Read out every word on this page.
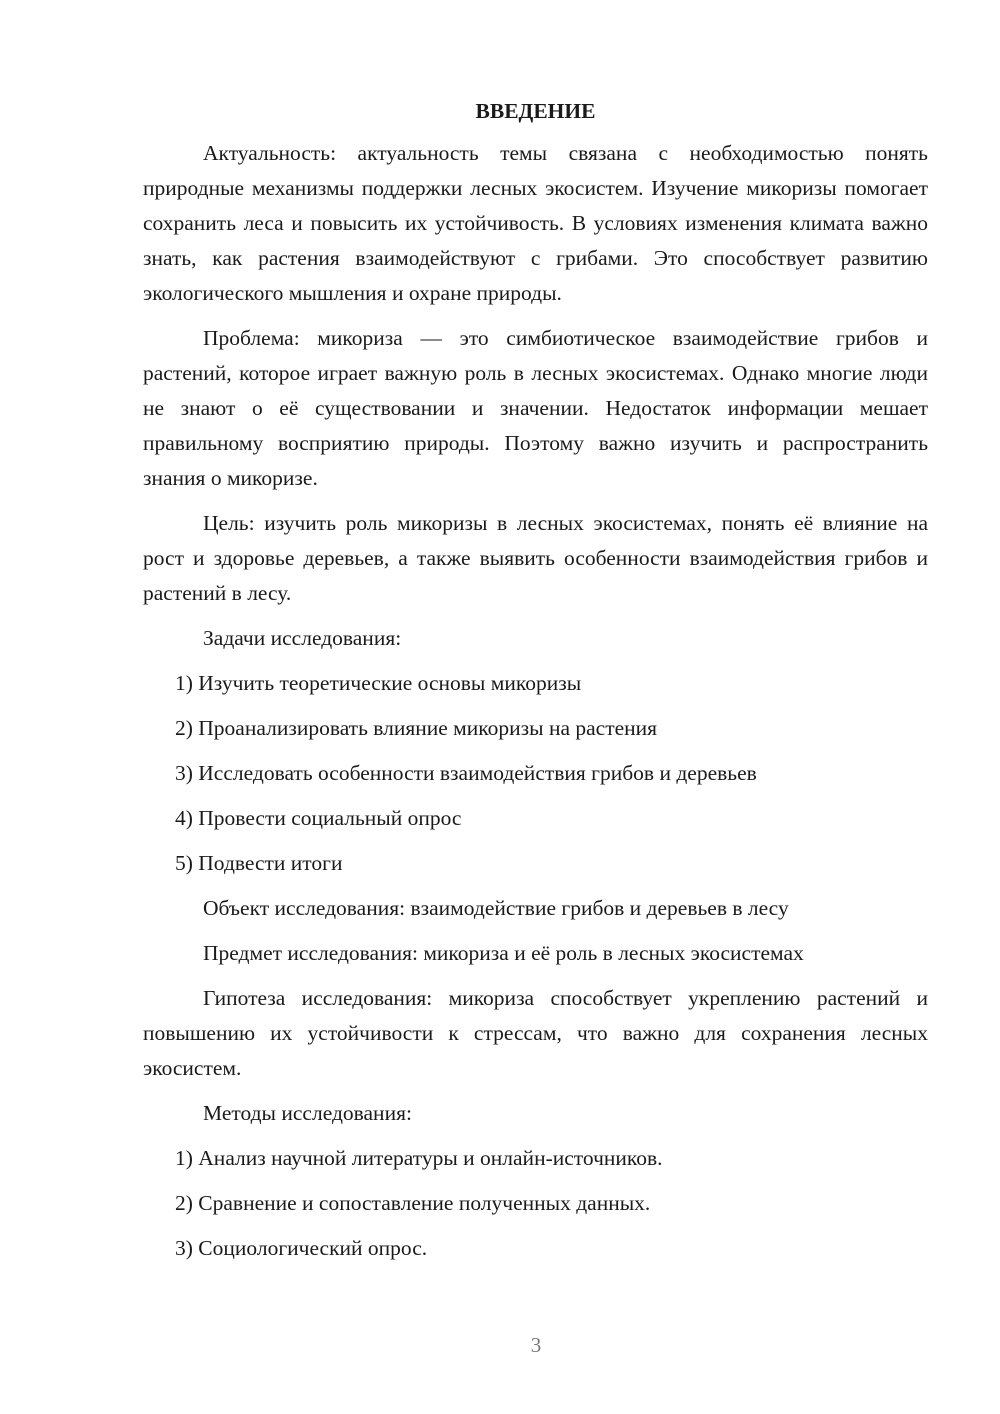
ВВЕДЕНИЕ
Актуальность: актуальность темы связана с необходимостью понять природные механизмы поддержки лесных экосистем. Изучение микоризы помогает сохранить леса и повысить их устойчивость. В условиях изменения климата важно знать, как растения взаимодействуют с грибами. Это способствует развитию экологического мышления и охране природы.
Проблема: микориза — это симбиотическое взаимодействие грибов и растений, которое играет важную роль в лесных экосистемах. Однако многие люди не знают о её существовании и значении. Недостаток информации мешает правильному восприятию природы. Поэтому важно изучить и распространить знания о микоризе.
Цель: изучить роль микоризы в лесных экосистемах, понять её влияние на рост и здоровье деревьев, а также выявить особенности взаимодействия грибов и растений в лесу.
Задачи исследования:
1) Изучить теоретические основы микоризы
2) Проанализировать влияние микоризы на растения
3) Исследовать особенности взаимодействия грибов и деревьев
4) Провести социальный опрос
5) Подвести итоги
Объект исследования: взаимодействие грибов и деревьев в лесу
Предмет исследования: микориза и её роль в лесных экосистемах
Гипотеза исследования: микориза способствует укреплению растений и повышению их устойчивости к стрессам, что важно для сохранения лесных экосистем.
Методы исследования:
1) Анализ научной литературы и онлайн-источников.
2) Сравнение и сопоставление полученных данных.
3) Социологический опрос.
3
